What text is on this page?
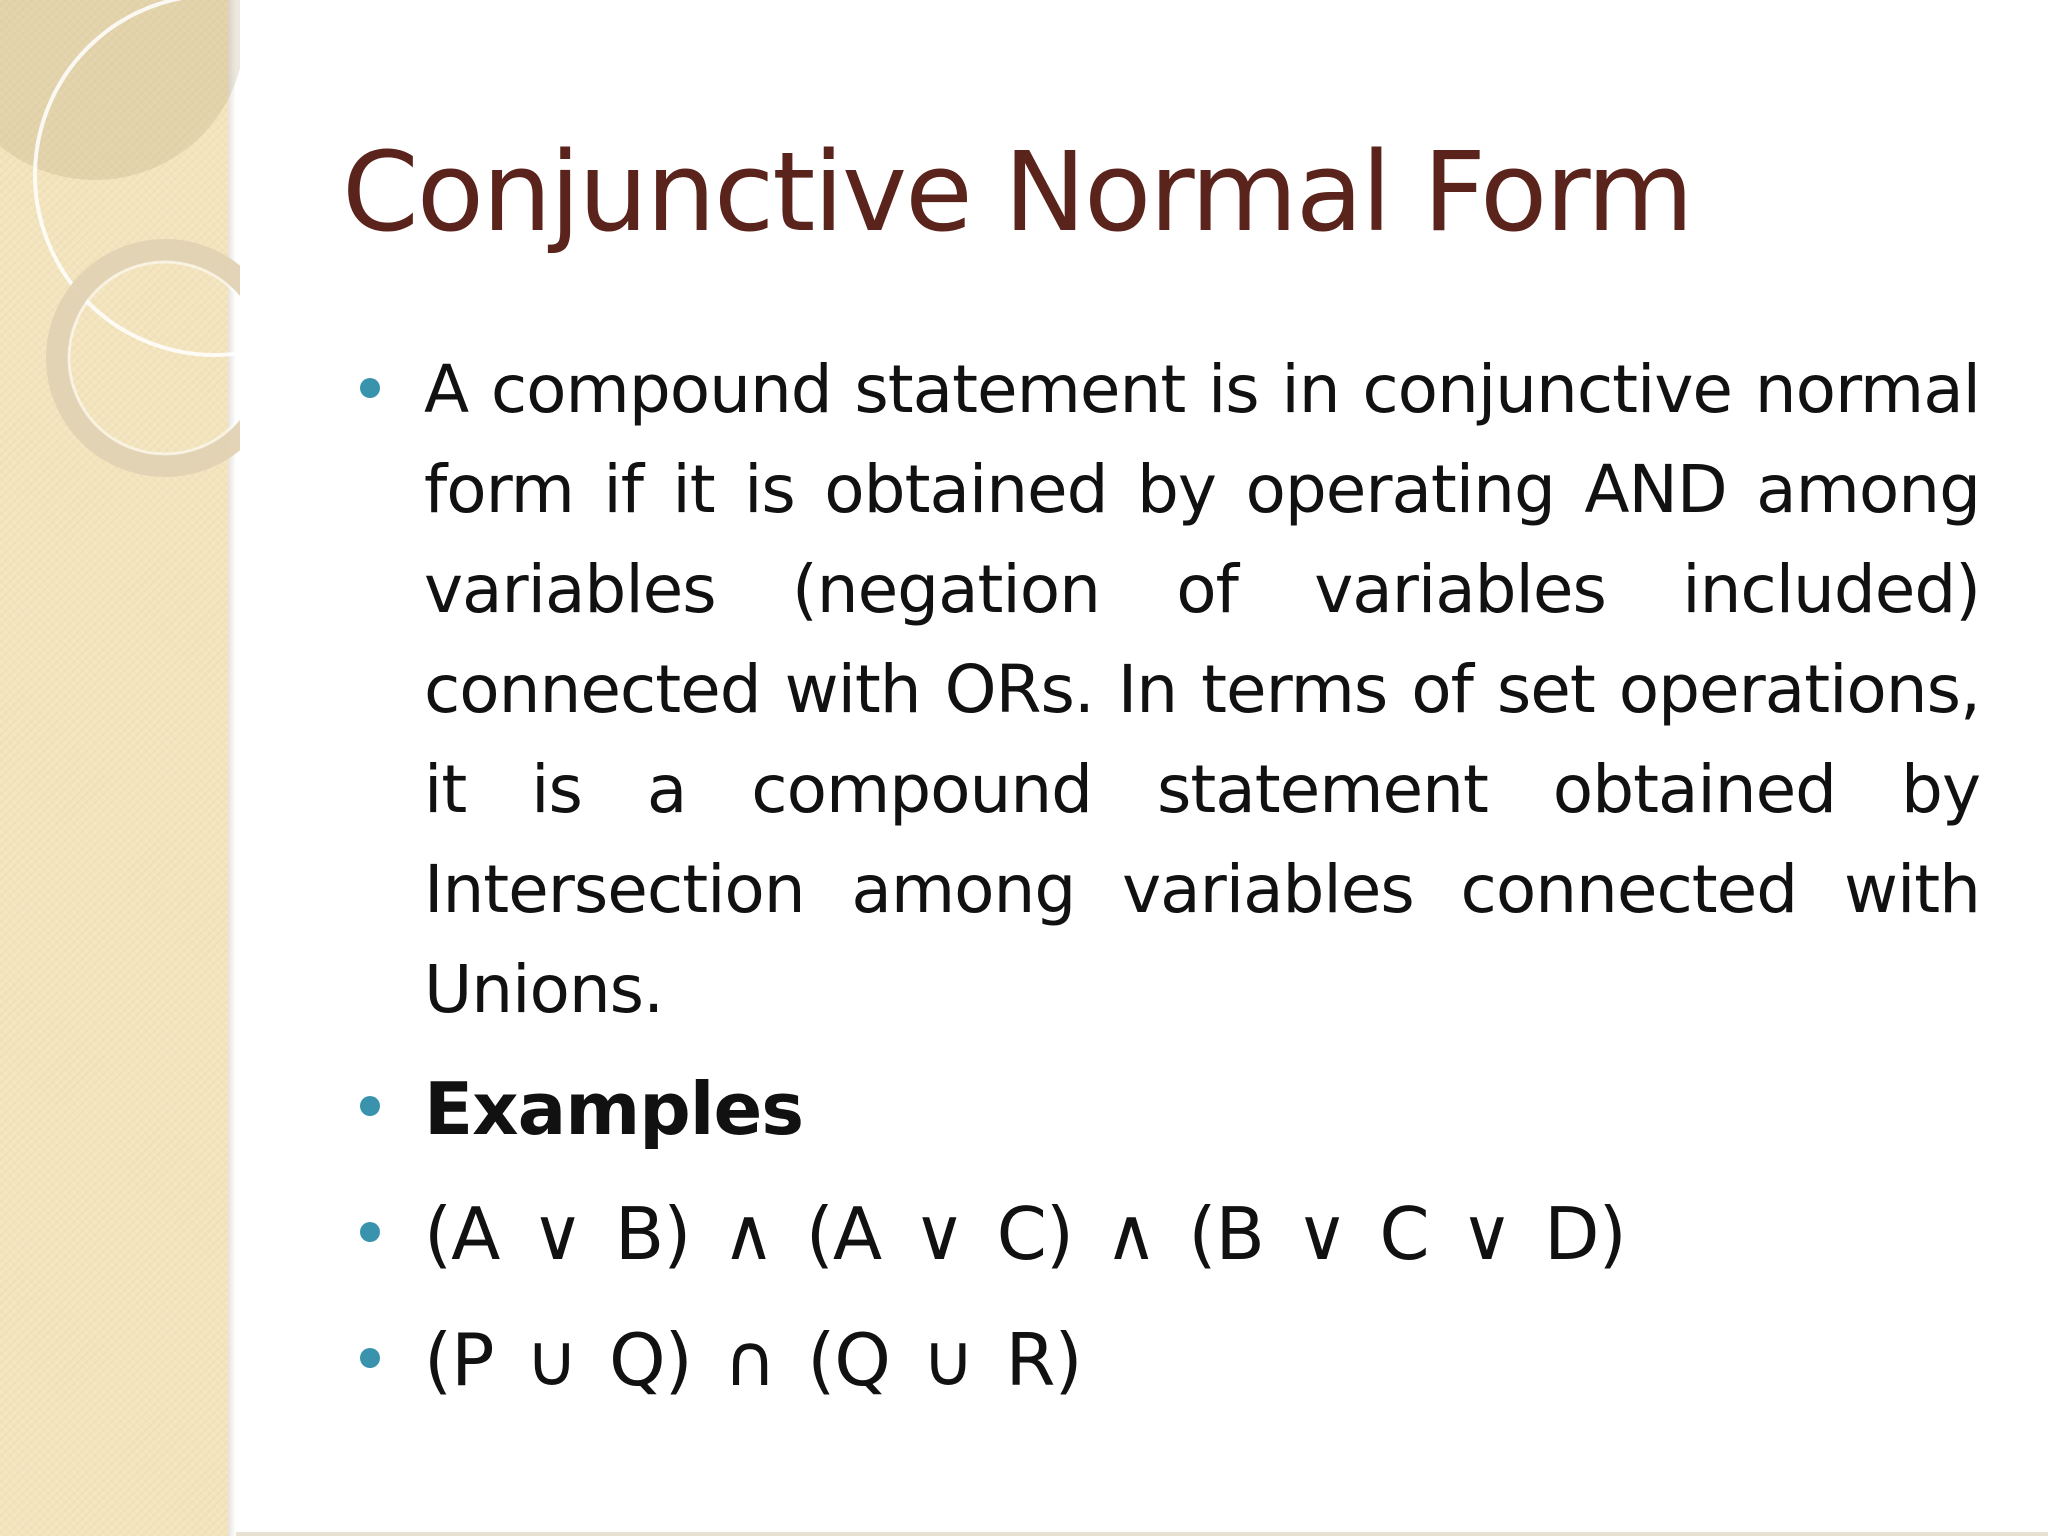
Conjunctive Normal Form
A compound statement is in conjunctive normal form if it is obtained by operating AND among variables (negation of variables included) connected with ORs. In terms of set operations, it is a compound statement obtained by Intersection among variables connected with Unions.
Examples
(A ∨ B) ∧ (A ∨ C) ∧ (B ∨ C ∨ D)
(P ∪ Q) ∩ (Q ∪ R)
